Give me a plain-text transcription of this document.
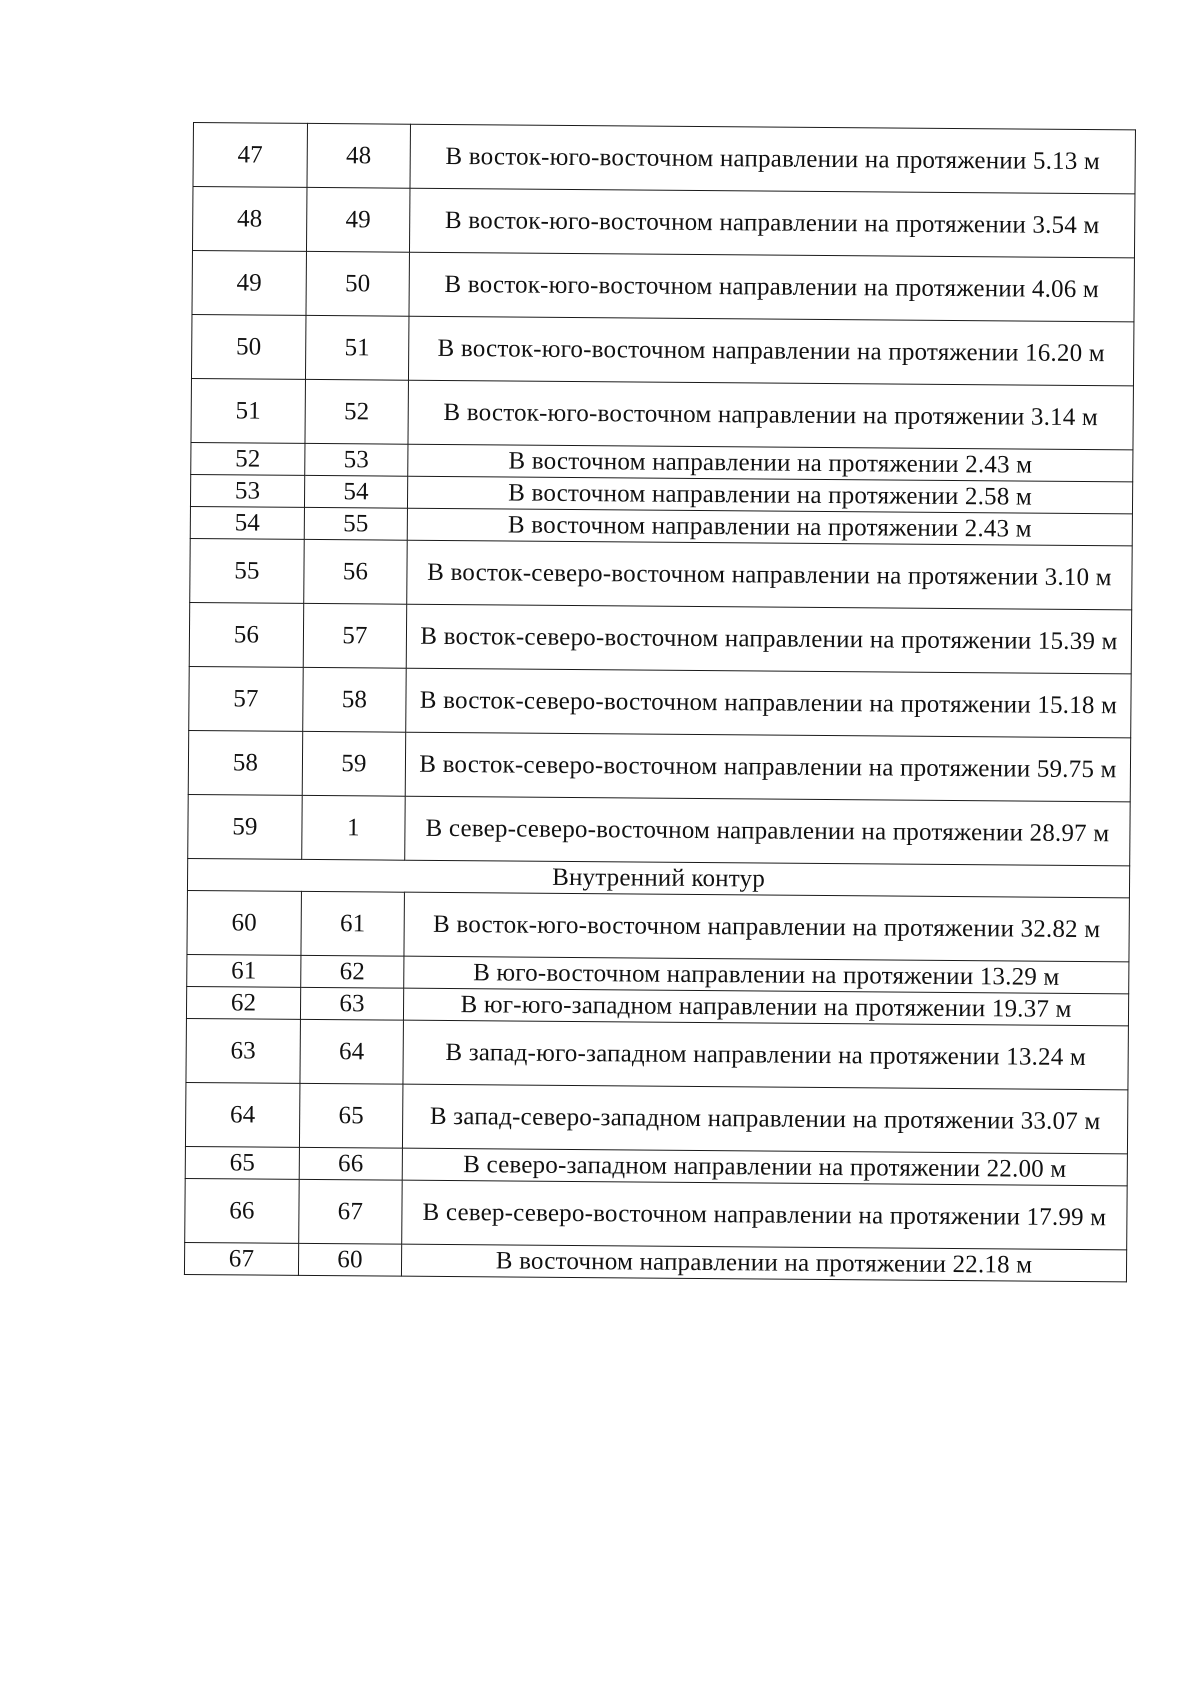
47	48	В восток-юго-восточном направлении на протяжении 5.13 м
48	49	В восток-юго-восточном направлении на протяжении 3.54 м
49	50	В восток-юго-восточном направлении на протяжении 4.06 м
50	51	В восток-юго-восточном направлении на протяжении 16.20 м
51	52	В восток-юго-восточном направлении на протяжении 3.14 м
52	53	В восточном направлении на протяжении 2.43 м
53	54	В восточном направлении на протяжении 2.58 м
54	55	В восточном направлении на протяжении 2.43 м
55	56	В восток-северо-восточном направлении на протяжении 3.10 м
56	57	В восток-северо-восточном направлении на протяжении 15.39 м
57	58	В восток-северо-восточном направлении на протяжении 15.18 м
58	59	В восток-северо-восточном направлении на протяжении 59.75 м
59	1	В север-северо-восточном направлении на протяжении 28.97 м
Внутренний контур		
60	61	В восток-юго-восточном направлении на протяжении 32.82 м
61	62	В юго-восточном направлении на протяжении 13.29 м
62	63	В юг-юго-западном направлении на протяжении 19.37 м
63	64	В запад-юго-западном направлении на протяжении 13.24 м
64	65	В запад-северо-западном направлении на протяжении 33.07 м
65	66	В северо-западном направлении на протяжении 22.00 м
66	67	В север-северо-восточном направлении на протяжении 17.99 м
67	60	В восточном направлении на протяжении 22.18 м
